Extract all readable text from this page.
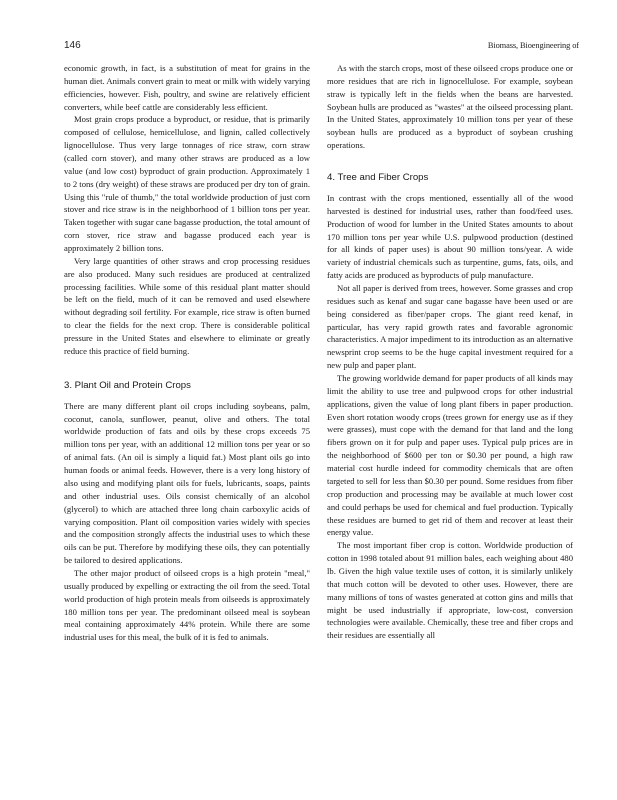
146	Biomass, Bioengineering of

economic growth, in fact, is a substitution of meat for grains in the human diet. Animals convert grain to meat or milk with widely varying efficiencies, however. Fish, poultry, and swine are relatively efficient converters, while beef cattle are considerably less efficient.

Most grain crops produce a byproduct, or residue, that is primarily composed of cellulose, hemicellulose, and lignin, called collectively lignocellulose. Thus very large tonnages of rice straw, corn straw (called corn stover), and many other straws are produced as a low value (and low cost) byproduct of grain production. Approximately 1 to 2 tons (dry weight) of these straws are produced per dry ton of grain. Using this "rule of thumb," the total worldwide production of just corn stover and rice straw is in the neighborhood of 1 billion tons per year. Taken together with sugar cane bagasse production, the total amount of corn stover, rice straw and bagasse produced each year is approximately 2 billion tons.

Very large quantities of other straws and crop processing residues are also produced. Many such residues are produced at centralized processing facilities. While some of this residual plant matter should be left on the field, much of it can be removed and used elsewhere without degrading soil fertility. For example, rice straw is often burned to clear the fields for the next crop. There is considerable political pressure in the United States and elsewhere to eliminate or greatly reduce this practice of field burning.

3. Plant Oil and Protein Crops

There are many different plant oil crops including soybeans, palm, coconut, canola, sunflower, peanut, olive and others. The total worldwide production of fats and oils by these crops exceeds 75 million tons per year, with an additional 12 million tons per year or so of animal fats. (An oil is simply a liquid fat.) Most plant oils go into human foods or animal feeds. However, there is a very long history of also using and modifying plant oils for fuels, lubricants, soaps, paints and other industrial uses. Oils consist chemically of an alcohol (glycerol) to which are attached three long chain carboxylic acids of varying composition. Plant oil composition varies widely with species and the composition strongly affects the industrial uses to which these oils can be put. Therefore by modifying these oils, they can potentially be tailored to desired applications.

The other major product of oilseed crops is a high protein "meal," usually produced by expelling or extracting the oil from the seed. Total world production of high protein meals from oilseeds is approximately 180 million tons per year. The predominant oilseed meal is soybean meal containing approximately 44% protein. While there are some industrial uses for this meal, the bulk of it is fed to animals.

As with the starch crops, most of these oilseed crops produce one or more residues that are rich in lignocellulose. For example, soybean straw is typically left in the fields when the beans are harvested. Soybean hulls are produced as "wastes" at the oilseed processing plant. In the United States, approximately 10 million tons per year of these soybean hulls are produced as a byproduct of soybean crushing operations.

4. Tree and Fiber Crops

In contrast with the crops mentioned, essentially all of the wood harvested is destined for industrial uses, rather than food/feed uses. Production of wood for lumber in the United States amounts to about 170 million tons per year while U.S. pulpwood production (destined for all kinds of paper uses) is about 90 million tons/year. A wide variety of industrial chemicals such as turpentine, gums, fats, oils, and fatty acids are produced as byproducts of pulp manufacture.

Not all paper is derived from trees, however. Some grasses and crop residues such as kenaf and sugar cane bagasse have been used or are being considered as fiber/paper crops. The giant reed kenaf, in particular, has very rapid growth rates and favorable agronomic characteristics. A major impediment to its introduction as an alternative newsprint crop seems to be the huge capital investment required for a new pulp and paper plant.

The growing worldwide demand for paper products of all kinds may limit the ability to use tree and pulpwood crops for other industrial applications, given the value of long plant fibers in paper production. Even short rotation woody crops (trees grown for energy use as if they were grasses), must cope with the demand for that land and the long fibers grown on it for pulp and paper uses. Typical pulp prices are in the neighborhood of $600 per ton or $0.30 per pound, a high raw material cost hurdle indeed for commodity chemicals that are often targeted to sell for less than $0.30 per pound. Some residues from fiber crop production and processing may be available at much lower cost and could perhaps be used for chemical and fuel production. Typically these residues are burned to get rid of them and recover at least their energy value.

The most important fiber crop is cotton. Worldwide production of cotton in 1998 totaled about 91 million bales, each weighing about 480 lb. Given the high value textile uses of cotton, it is similarly unlikely that much cotton will be devoted to other uses. However, there are many millions of tons of wastes generated at cotton gins and mills that might be used industrially if appropriate, low-cost, conversion technologies were available. Chemically, these tree and fiber crops and their residues are essentially all
